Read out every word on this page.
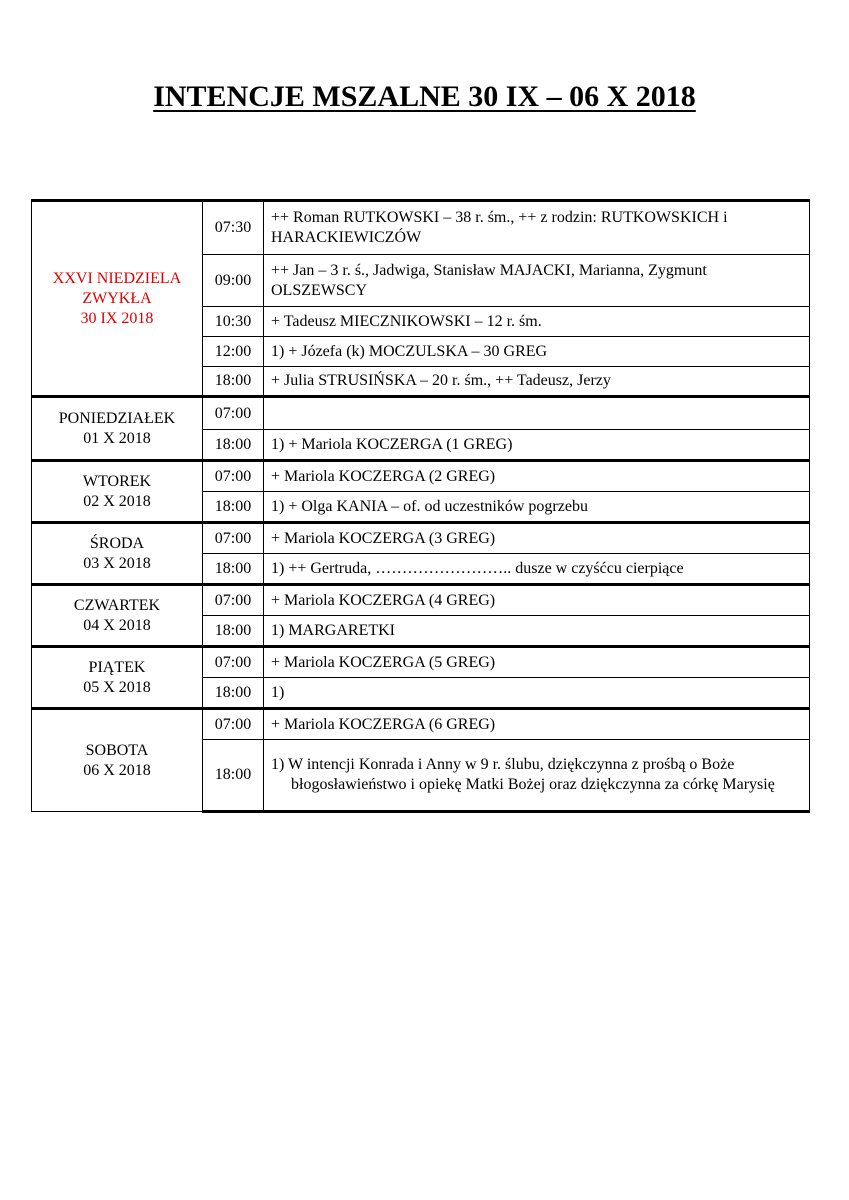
INTENCJE MSZALNE 30 IX – 06 X 2018
XXVI NIEDZIELA
ZWYKŁA
30 IX 2018	07:30	++ Roman RUTKOWSKI – 38 r. śm., ++ z rodzin: RUTKOWSKICH i HARACKIEWICZÓW
	09:00	++ Jan – 3 r. ś., Jadwiga, Stanisław MAJACKI, Marianna, Zygmunt OLSZEWSCY
	10:30	+ Tadeusz MIECZNIKOWSKI – 12 r. śm.
	12:00	1) + Józefa (k) MOCZULSKA – 30 GREG
	18:00	+ Julia STRUSIŃSKA – 20 r. śm., ++ Tadeusz, Jerzy

PONIEDZIAŁEK
01 X 2018	07:00	
	18:00	1) + Mariola KOCZERGA (1 GREG)

WTOREK
02 X 2018	07:00	+ Mariola KOCZERGA (2 GREG)
	18:00	1) + Olga KANIA – of. od uczestników pogrzebu

ŚRODA
03 X 2018	07:00	+ Mariola KOCZERGA (3 GREG)
	18:00	1) ++ Gertruda, …………………….. dusze w czyśćcu cierpiące

CZWARTEK
04 X 2018	07:00	+ Mariola KOCZERGA (4 GREG)
	18:00	1) MARGARETKI

PIĄTEK
05 X 2018	07:00	+ Mariola KOCZERGA (5 GREG)
	18:00	1)

SOBOTA
06 X 2018	07:00	+ Mariola KOCZERGA (6 GREG)
	18:00	1) W intencji Konrada i Anny w 9 r. ślubu, dziękczynna z prośbą o Boże błogosławieństwo i opiekę Matki Bożej oraz dziękczynna za córkę Marysię
